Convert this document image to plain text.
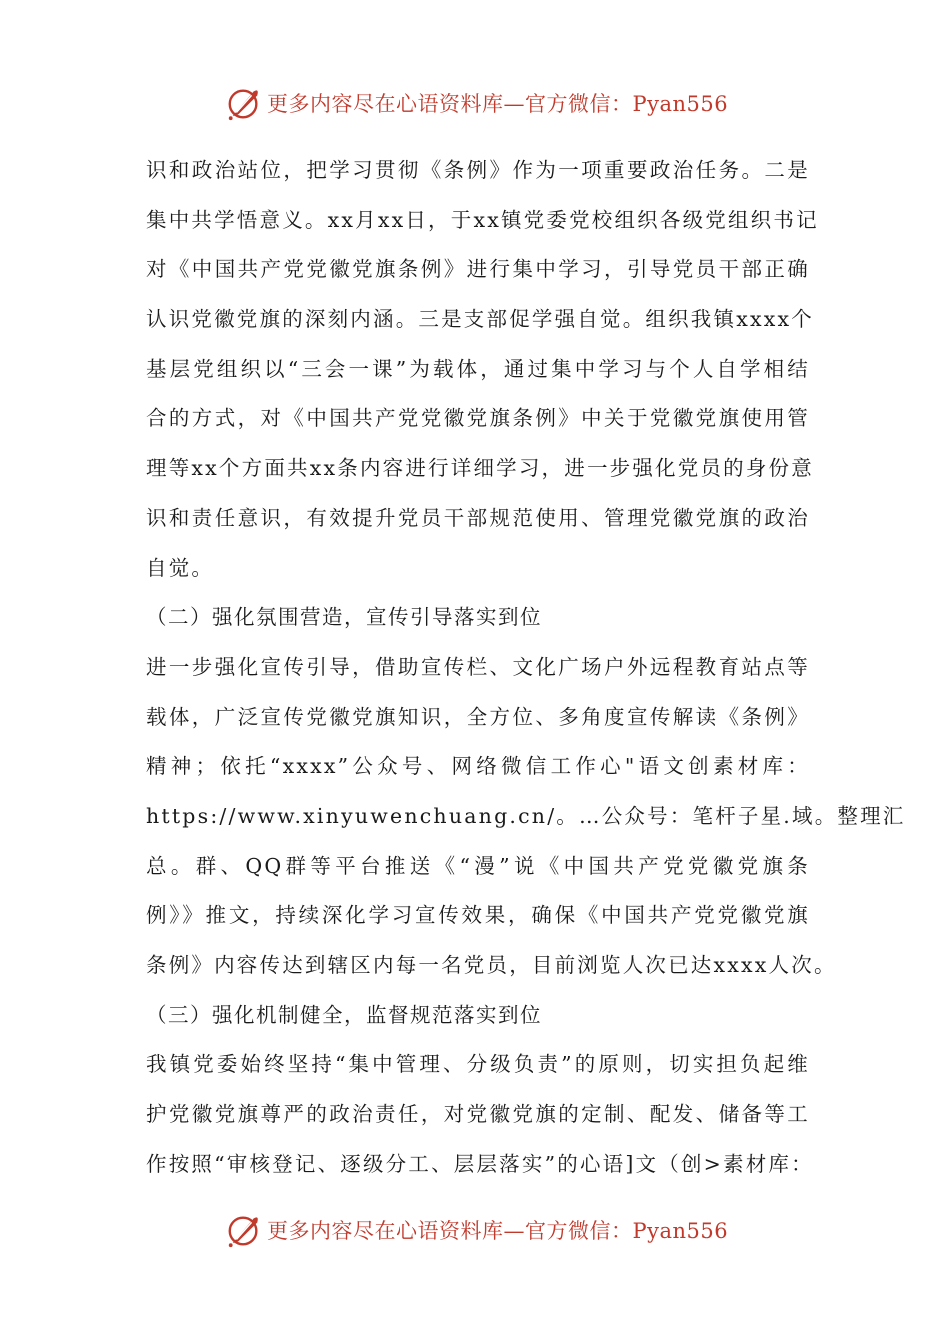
更多内容尽在心语资料库—官方微信：Pyan556
识和政治站位，把学习贯彻《条例》作为一项重要政治任务。二是
集中共学悟意义。xx月xx日，于xx镇党委党校组织各级党组织书记
对《中国共产党党徽党旗条例》进行集中学习，引导党员干部正确
认识党徽党旗的深刻内涵。三是支部促学强自觉。组织我镇xxxx个
基层党组织以“三会一课”为载体，通过集中学习与个人自学相结
合的方式，对《中国共产党党徽党旗条例》中关于党徽党旗使用管
理等xx个方面共xx条内容进行详细学习，进一步强化党员的身份意
识和责任意识，有效提升党员干部规范使用、管理党徽党旗的政治
自觉。
（二）强化氛围营造，宣传引导落实到位
进一步强化宣传引导，借助宣传栏、文化广场户外远程教育站点等
载体，广泛宣传党徽党旗知识，全方位、多角度宣传解读《条例》
精神；依托“xxxx”公众号、网络微信工作心"语文创素材库：
https://www.xinyuwenchuang.cn/。…公众号：笔杆子星.域。整理汇
总。群、QQ群等平台推送《“漫”说《中国共产党党徽党旗条
例》》推文，持续深化学习宣传效果，确保《中国共产党党徽党旗
条例》内容传达到辖区内每一名党员，目前浏览人次已达xxxx人次。
（三）强化机制健全，监督规范落实到位
我镇党委始终坚持“集中管理、分级负责”的原则，切实担负起维
护党徽党旗尊严的政治责任，对党徽党旗的定制、配发、储备等工
作按照“审核登记、逐级分工、层层落实”的心语]文（创>素材库：
更多内容尽在心语资料库—官方微信：Pyan556
